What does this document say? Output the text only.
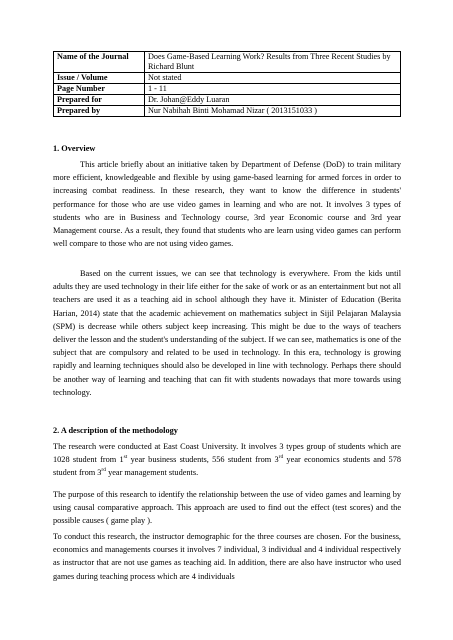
Name of the Journal	Does Game-Based Learning Work? Results from Three Recent Studies by Richard Blunt
Issue / Volume	Not stated
Page Number	1 - 11
Prepared for	Dr. Johan@Eddy Luaran
Prepared by	Nur Nabihah Binti Mohamad Nizar ( 2013151033 )
1. Overview

This article briefly about an initiative taken by Department of Defense (DoD) to train military more efficient, knowledgeable and flexible by using game-based learning for armed forces in order to increasing combat readiness. In these research, they want to know the difference in students' performance for those who are use video games in learning and who are not. It involves 3 types of students who are in Business and Technology course, 3rd year Economic course and 3rd year Management course. As a result, they found that students who are learn using video games can perform well compare to those who are not using video games.

Based on the current issues, we can see that technology is everywhere. From the kids until adults they are used technology in their life either for the sake of work or as an entertainment but not all teachers are used it as a teaching aid in school although they have it. Minister of Education (Berita Harian, 2014) state that the academic achievement on mathematics subject in Sijil Pelajaran Malaysia (SPM) is decrease while others subject keep increasing. This might be due to the ways of teachers deliver the lesson and the student's understanding of the subject. If we can see, mathematics is one of the subject that are compulsory and related to be used in technology. In this era, technology is growing rapidly and learning techniques should also be developed in line with technology. Perhaps there should be another way of learning and teaching that can fit with students nowadays that more towards using technology.

2. A description of the methodology

The research were conducted at East Coast University. It involves 3 types group of students which are 1028 student from 1st year business students, 556 student from 3rd year economics students and 578 student from 3rd year management students.

The purpose of this research to identify the relationship between the use of video games and learning by using causal comparative approach. This approach are used to find out the effect (test scores) and the possible causes ( game play ).

To conduct this research, the instructor demographic for the three courses are chosen. For the business, economics and managements courses it involves 7 individual, 3 individual and 4 individual respectively as instructor that are not use games as teaching aid. In addition, there are also have instructor who used games during teaching process which are 4 individuals
